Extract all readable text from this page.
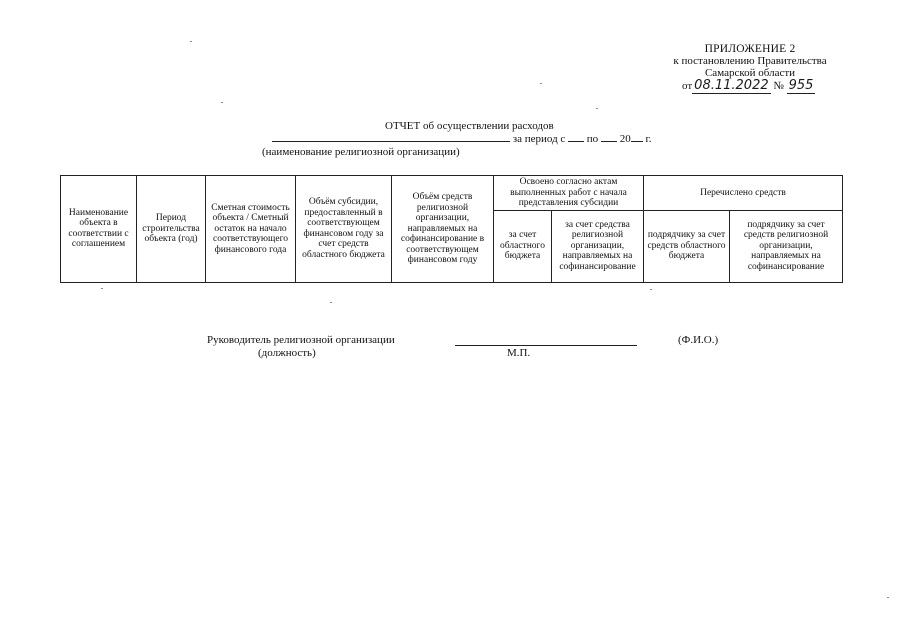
ПРИЛОЖЕНИЕ 2
к постановлению Правительства
Самарской области
от 08.11.2022 № 955
ОТЧЕТ об осуществлении расходов
за период с по 20 г.
(наименование религиозной организации)
Наименование объекта в соответствии с соглашением	Период строительства объекта (год)	Сметная стоимость объекта / Сметный остаток на начало соответствующего финансового года	Объём субсидии, предоставленный в соответствующем финансовом году за счет средств областного бюджета	Объём средств религиозной организации, направляемых на софинансирование в соответствующем финансовом году	Освоено согласно актам выполненных работ с начала представления субсидии		Перечислено средств	
					за счет областного бюджета	за счет средства религиозной организации, направляемых на софинансирование	подрядчику за счет средств областного бюджета	подрядчику за счет средств религиозной организации, направляемых на софинансирование
Руководитель религиозной организации	(Ф.И.О.)
(должность)	М.П.
